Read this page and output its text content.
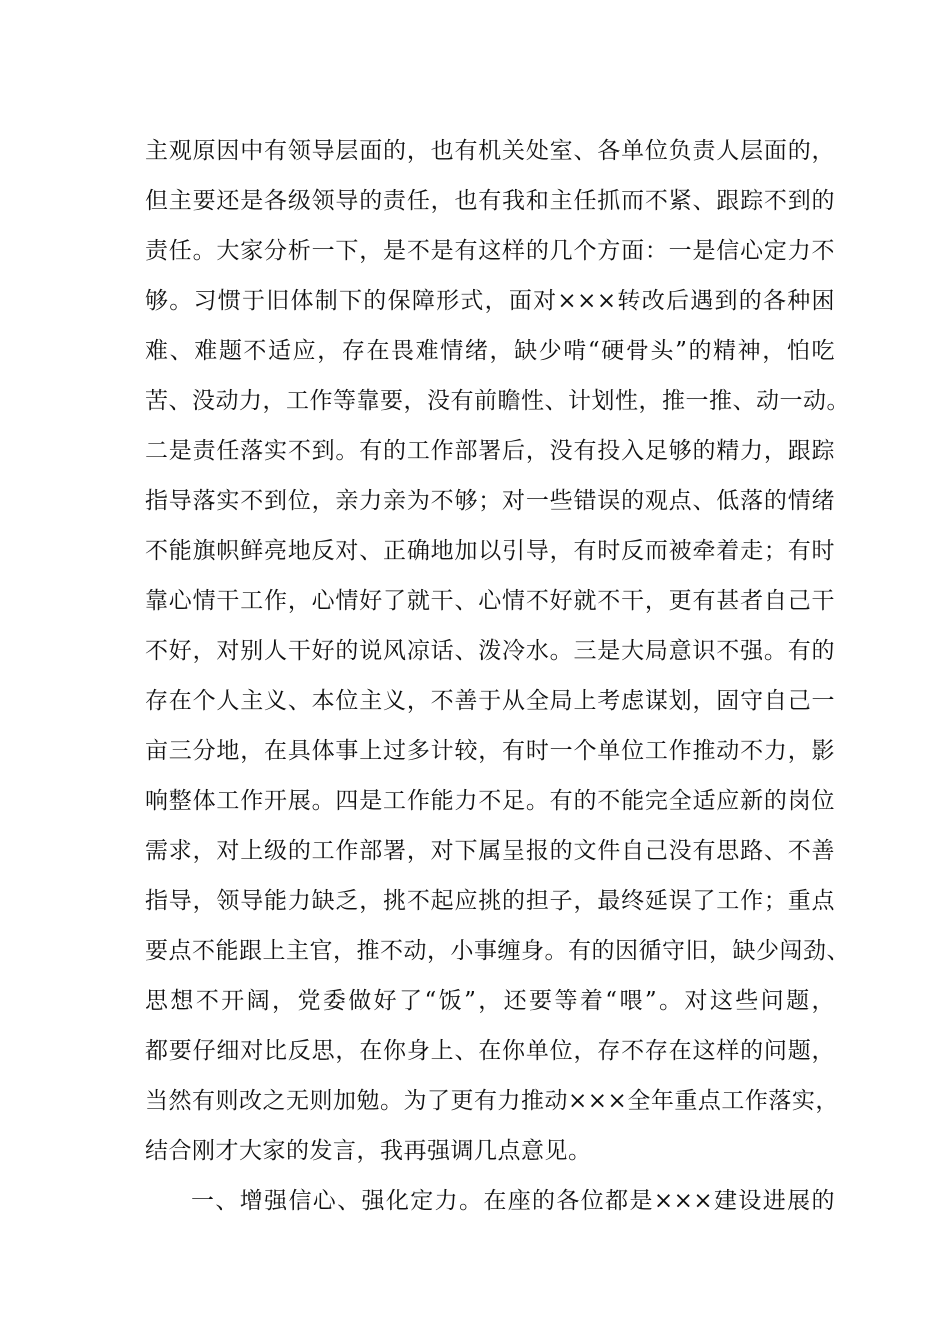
主观原因中有领导层面的，也有机关处室、各单位负责人层面的，
但主要还是各级领导的责任，也有我和主任抓而不紧、跟踪不到的
责任。大家分析一下，是不是有这样的几个方面：一是信心定力不
够。习惯于旧体制下的保障形式，面对×××转改后遇到的各种困
难、难题不适应，存在畏难情绪，缺少啃“硬骨头”的精神，怕吃
苦、没动力，工作等靠要，没有前瞻性、计划性，推一推、动一动。
二是责任落实不到。有的工作部署后，没有投入足够的精力，跟踪
指导落实不到位，亲力亲为不够；对一些错误的观点、低落的情绪
不能旗帜鲜亮地反对、正确地加以引导，有时反而被牵着走；有时
靠心情干工作，心情好了就干、心情不好就不干，更有甚者自己干
不好，对别人干好的说风凉话、泼冷水。三是大局意识不强。有的
存在个人主义、本位主义，不善于从全局上考虑谋划，固守自己一
亩三分地，在具体事上过多计较，有时一个单位工作推动不力，影
响整体工作开展。四是工作能力不足。有的不能完全适应新的岗位
需求，对上级的工作部署，对下属呈报的文件自己没有思路、不善
指导，领导能力缺乏，挑不起应挑的担子，最终延误了工作；重点
要点不能跟上主官，推不动，小事缠身。有的因循守旧，缺少闯劲、
思想不开阔，党委做好了“饭”，还要等着“喂”。对这些问题，
都要仔细对比反思，在你身上、在你单位，存不存在这样的问题，
当然有则改之无则加勉。为了更有力推动×××全年重点工作落实，
结合刚才大家的发言，我再强调几点意见。
一、增强信心、强化定力。在座的各位都是×××建设进展的
